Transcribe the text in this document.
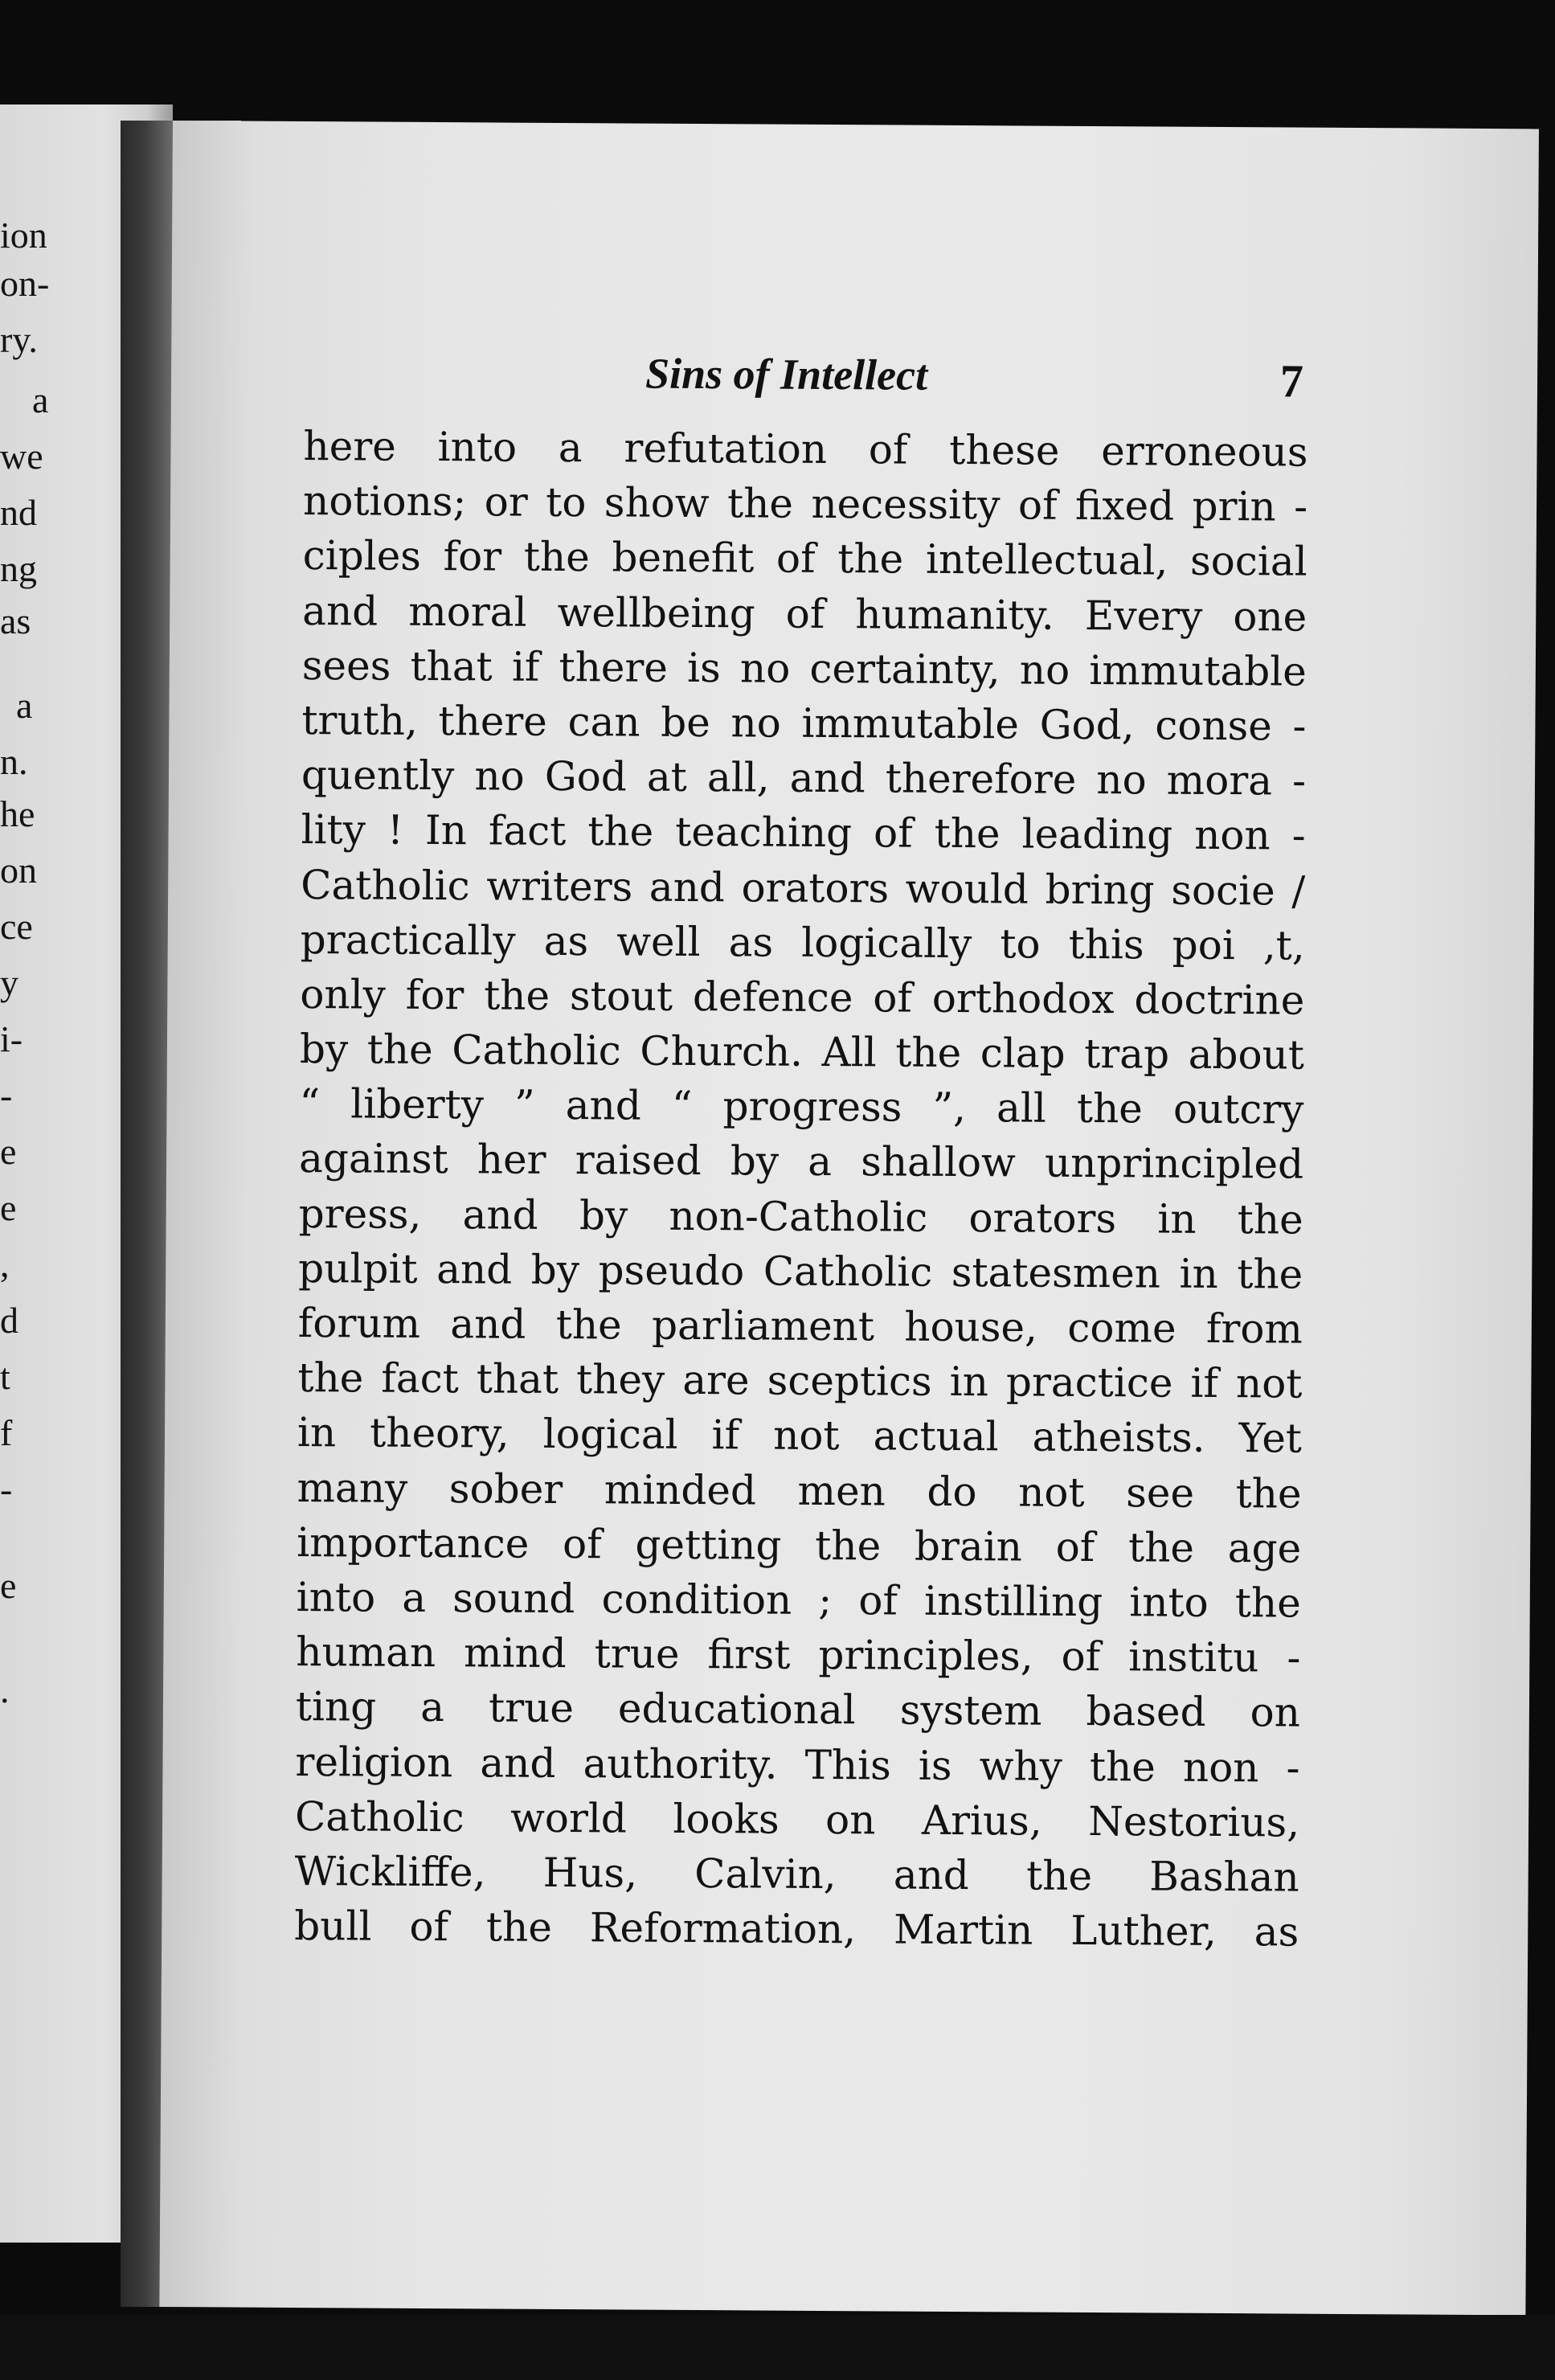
ion
on-
ry.
a
we
nd
ng
as
a
n.
he
on
ce
y
i-
-
e
e
,
d
t
f
-
e
.
Sins of Intellect	7
here into a refutation of these erroneous
notions; or to show the necessity of fixed prin -
ciples for the benefit of the intellectual, social
and moral wellbeing of humanity. Every one
sees that if there is no certainty, no immutable
truth, there can be no immutable God, conse -
quently no God at all, and therefore no mora -
lity ! In fact the teaching of the leading non -
Catholic writers and orators would bring socie /
practically as well as logically to this poi ,t,
only for the stout defence of orthodox doctrine
by the Catholic Church. All the clap trap about
“ liberty ” and “ progress ”, all the outcry
against her raised by a shallow unprincipled
press, and by non-Catholic orators in the
pulpit and by pseudo Catholic statesmen in the
forum and the parliament house, come from
the fact that they are sceptics in practice if not
in theory, logical if not actual atheists. Yet
many sober minded men do not see the
importance of getting the brain of the age
into a sound condition ; of instilling into the
human mind true first principles, of institu -
ting a true educational system based on
religion and authority. This is why the non -
Catholic world looks on Arius, Nestorius,
Wickliffe, Hus, Calvin, and the Bashan
bull of the Reformation, Martin Luther, as
